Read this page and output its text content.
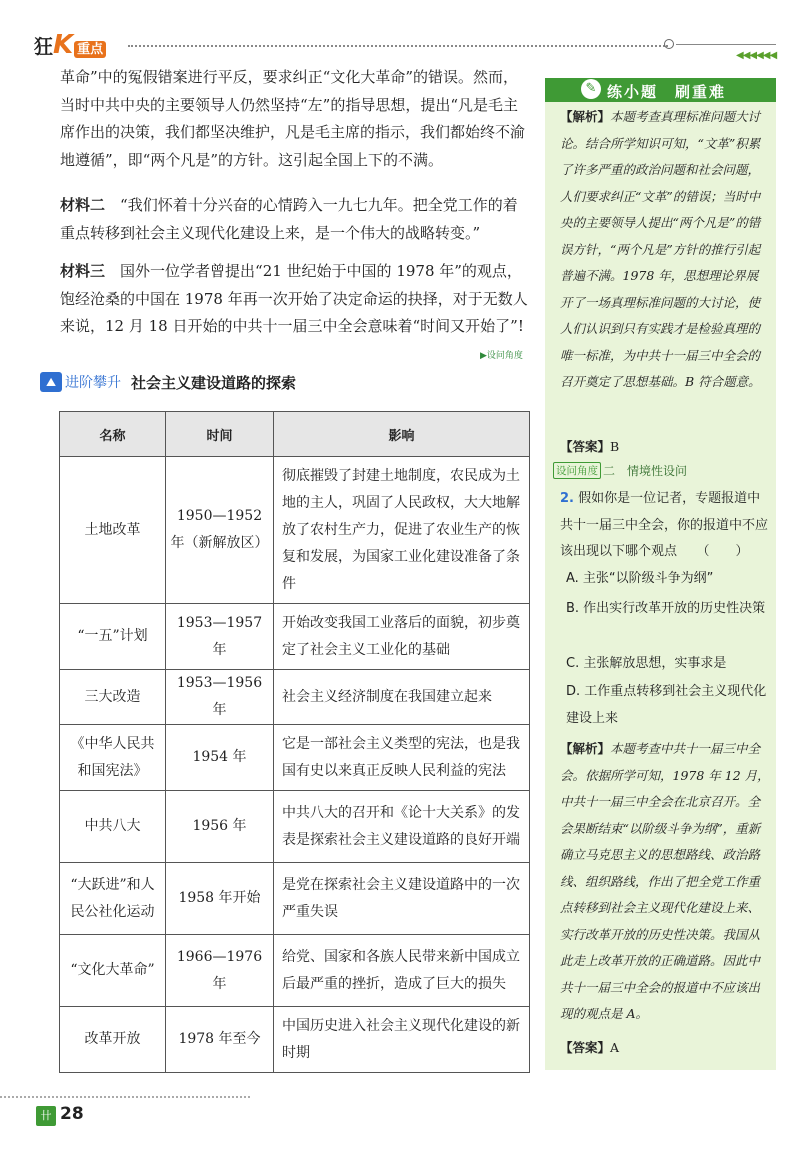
狂K 重点	◀◀◀◀◀◀
革命”中的冤假错案进行平反，要求纠正“文化大革命”的错误。然而，当时中共中央的主要领导人仍然坚持“左”的指导思想，提出“凡是毛主席作出的决策，我们都坚决维护，凡是毛主席的指示，我们都始终不渝地遵循”，即“两个凡是”的方针。这引起全国上下的不满。
材料二　 “我们怀着十分兴奋的心情跨入一九七九年。把全党工作的着重点转移到社会主义现代化建设上来，是一个伟大的战略转变。”
材料三　 国外一位学者曾提出“21 世纪始于中国的 1978 年”的观点，饱经沧桑的中国在 1978 年再一次开始了决定命运的抉择，对于无数人来说，12 月 18 日开始的中共十一届三中全会意味着“时间又开始了”!
▶设问角度
⛰ 进阶攀升 社会主义建设道路的探索
名称	时间	影响
土地改革	1950—1952 年（新解放区）	彻底摧毁了封建土地制度，农民成为土地的主人，巩固了人民政权，大大地解放了农村生产力，促进了农业生产的恢复和发展，为国家工业化建设准备了条件
“一五”计划	1953—1957 年	开始改变我国工业落后的面貌，初步奠定了社会主义工业化的基础
三大改造	1953—1956 年	社会主义经济制度在我国建立起来
《中华人民共和国宪法》	1954 年	它是一部社会主义类型的宪法，也是我国有史以来真正反映人民利益的宪法
中共八大	1956 年	中共八大的召开和《论十大关系》的发表是探索社会主义建设道路的良好开端
“大跃进”和人民公社化运动	1958 年开始	是党在探索社会主义建设道路中的一次严重失误
“文化大革命”	1966—1976 年	给党、国家和各族人民带来新中国成立后最严重的挫折，造成了巨大的损失
改革开放	1978 年至今	中国历史进入社会主义现代化建设的新时期
✎ 练小题　刷重难
【解析】本题考查真理标准问题大讨论。结合所学知识可知，“文革”积累了许多严重的政治问题和社会问题，人们要求纠正“文革”的错误；当时中央的主要领导人提出“两个凡是”的错误方针，“两个凡是”方针的推行引起普遍不满。1978 年，思想理论界展开了一场真理标准问题的大讨论，使人们认识到只有实践才是检验真理的唯一标准，为中共十一届三中全会的召开奠定了思想基础。B 符合题意。
【答案】B
设问角度 二　情境性设问
2. 假如你是一位记者，专题报道中共十一届三中全会，你的报道中不应该出现以下哪个观点　　（　　）
A. 主张“以阶级斗争为纲”
B. 作出实行改革开放的历史性决策
C. 主张解放思想，实事求是
D. 工作重点转移到社会主义现代化建设上来
【解析】本题考查中共十一届三中全会。依据所学可知，1978 年 12 月，中共十一届三中全会在北京召开。全会果断结束“以阶级斗争为纲”，重新确立马克思主义的思想路线、政治路线、组织路线，作出了把全党工作重点转移到社会主义现代化建设上来、实行改革开放的历史性决策。我国从此走上改革开放的正确道路。因此中共十一届三中全会的报道中不应该出现的观点是 A。
【答案】A
卄 28
